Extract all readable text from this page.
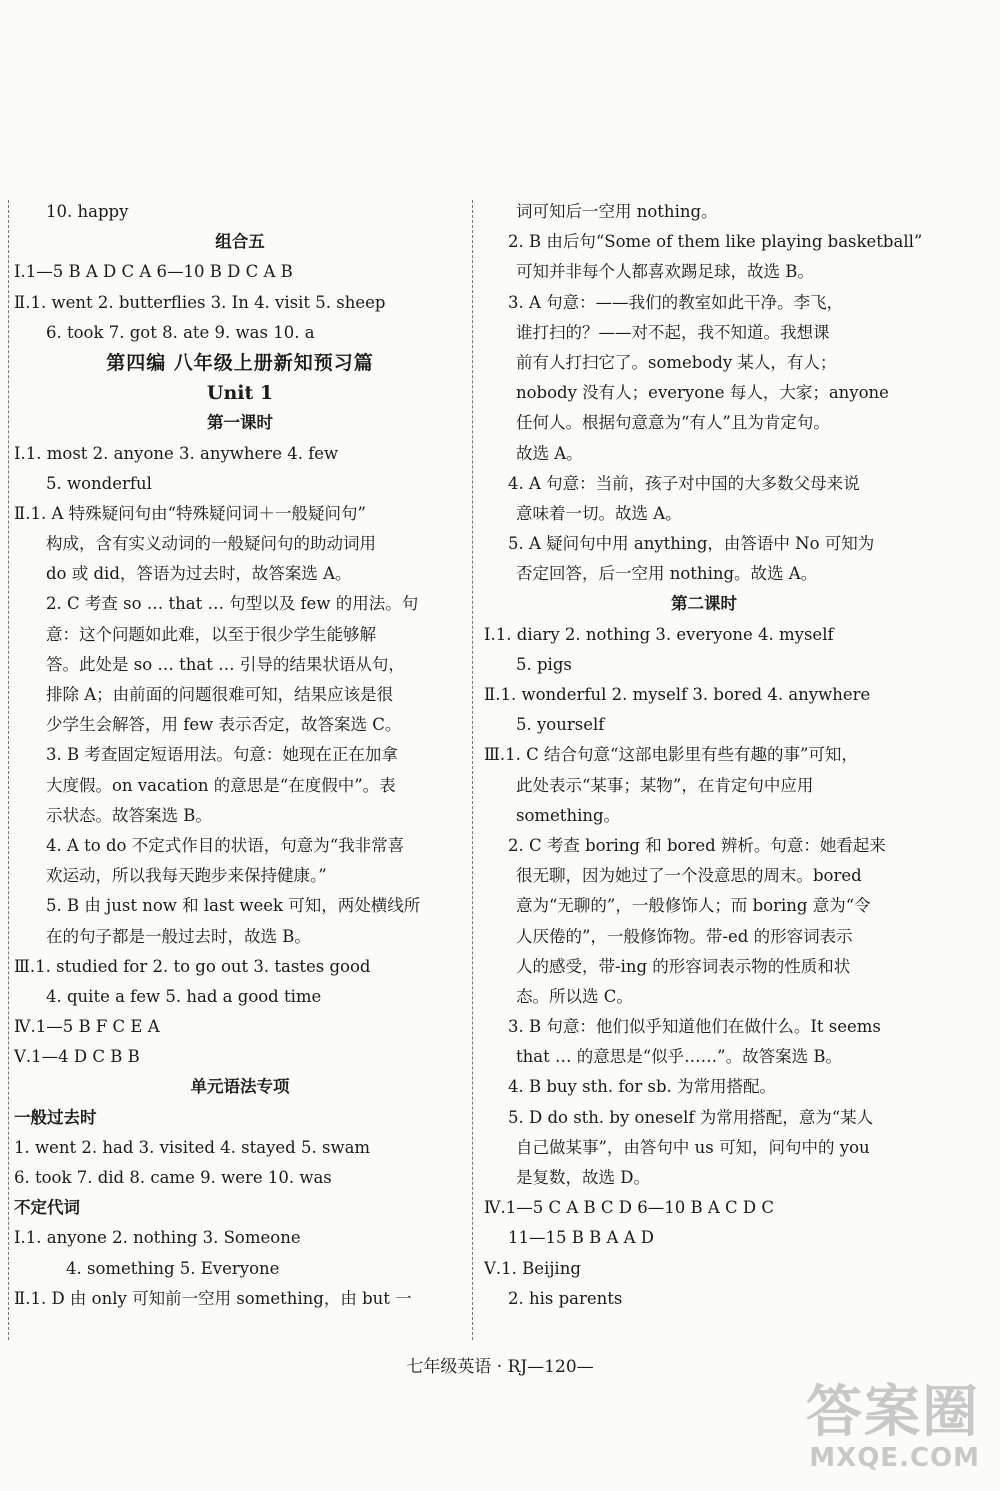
10. happy
组合五
Ⅰ.1—5 B A D C A 6—10 B D C A B
Ⅱ.1. went 2. butterflies 3. In 4. visit 5. sheep
6. took 7. got 8. ate 9. was 10. a
第四编 八年级上册新知预习篇
Unit 1
第一课时
Ⅰ.1. most 2. anyone 3. anywhere 4. few
5. wonderful
Ⅱ.1. A 特殊疑问句由“特殊疑问词＋一般疑问句”
构成，含有实义动词的一般疑问句的助动词用
do 或 did，答语为过去时，故答案选 A。
2. C 考查 so … that … 句型以及 few 的用法。句
意：这个问题如此难，以至于很少学生能够解
答。此处是 so … that … 引导的结果状语从句，
排除 A；由前面的问题很难可知，结果应该是很
少学生会解答，用 few 表示否定，故答案选 C。
3. B 考查固定短语用法。句意：她现在正在加拿
大度假。on vacation 的意思是“在度假中”。表
示状态。故答案选 B。
4. A to do 不定式作目的状语，句意为“我非常喜
欢运动，所以我每天跑步来保持健康。”
5. B 由 just now 和 last week 可知，两处横线所
在的句子都是一般过去时，故选 B。
Ⅲ.1. studied for 2. to go out 3. tastes good
4. quite a few 5. had a good time
Ⅳ.1—5 B F C E A
Ⅴ.1—4 D C B B
单元语法专项
一般过去时
1. went 2. had 3. visited 4. stayed 5. swam
6. took 7. did 8. came 9. were 10. was
不定代词
Ⅰ.1. anyone 2. nothing 3. Someone
4. something 5. Everyone
Ⅱ.1. D 由 only 可知前一空用 something，由 but 一
词可知后一空用 nothing。
2. B 由后句“Some of them like playing basketball”
可知并非每个人都喜欢踢足球，故选 B。
3. A 句意：——我们的教室如此干净。李飞，
谁打扫的？——对不起，我不知道。我想课
前有人打扫它了。somebody 某人，有人；
nobody 没有人；everyone 每人，大家；anyone
任何人。根据句意意为“有人”且为肯定句。
故选 A。
4. A 句意：当前，孩子对中国的大多数父母来说
意味着一切。故选 A。
5. A 疑问句中用 anything，由答语中 No 可知为
否定回答，后一空用 nothing。故选 A。
第二课时
Ⅰ.1. diary 2. nothing 3. everyone 4. myself
5. pigs
Ⅱ.1. wonderful 2. myself 3. bored 4. anywhere
5. yourself
Ⅲ.1. C 结合句意“这部电影里有些有趣的事”可知，
此处表示“某事；某物”，在肯定句中应用
something。
2. C 考查 boring 和 bored 辨析。句意：她看起来
很无聊，因为她过了一个没意思的周末。bored
意为“无聊的”，一般修饰人；而 boring 意为“令
人厌倦的”，一般修饰物。带-ed 的形容词表示
人的感受，带-ing 的形容词表示物的性质和状
态。所以选 C。
3. B 句意：他们似乎知道他们在做什么。It seems
that … 的意思是“似乎……”。故答案选 B。
4. B buy sth. for sb. 为常用搭配。
5. D do sth. by oneself 为常用搭配，意为“某人
自己做某事”，由答句中 us 可知，问句中的 you
是复数，故选 D。
Ⅳ.1—5 C A B C D 6—10 B A C D C
11—15 B B A A D
Ⅴ.1. Beijing
2. his parents
七年级英语 · RJ—120—
答案圈
MXQE.COM
